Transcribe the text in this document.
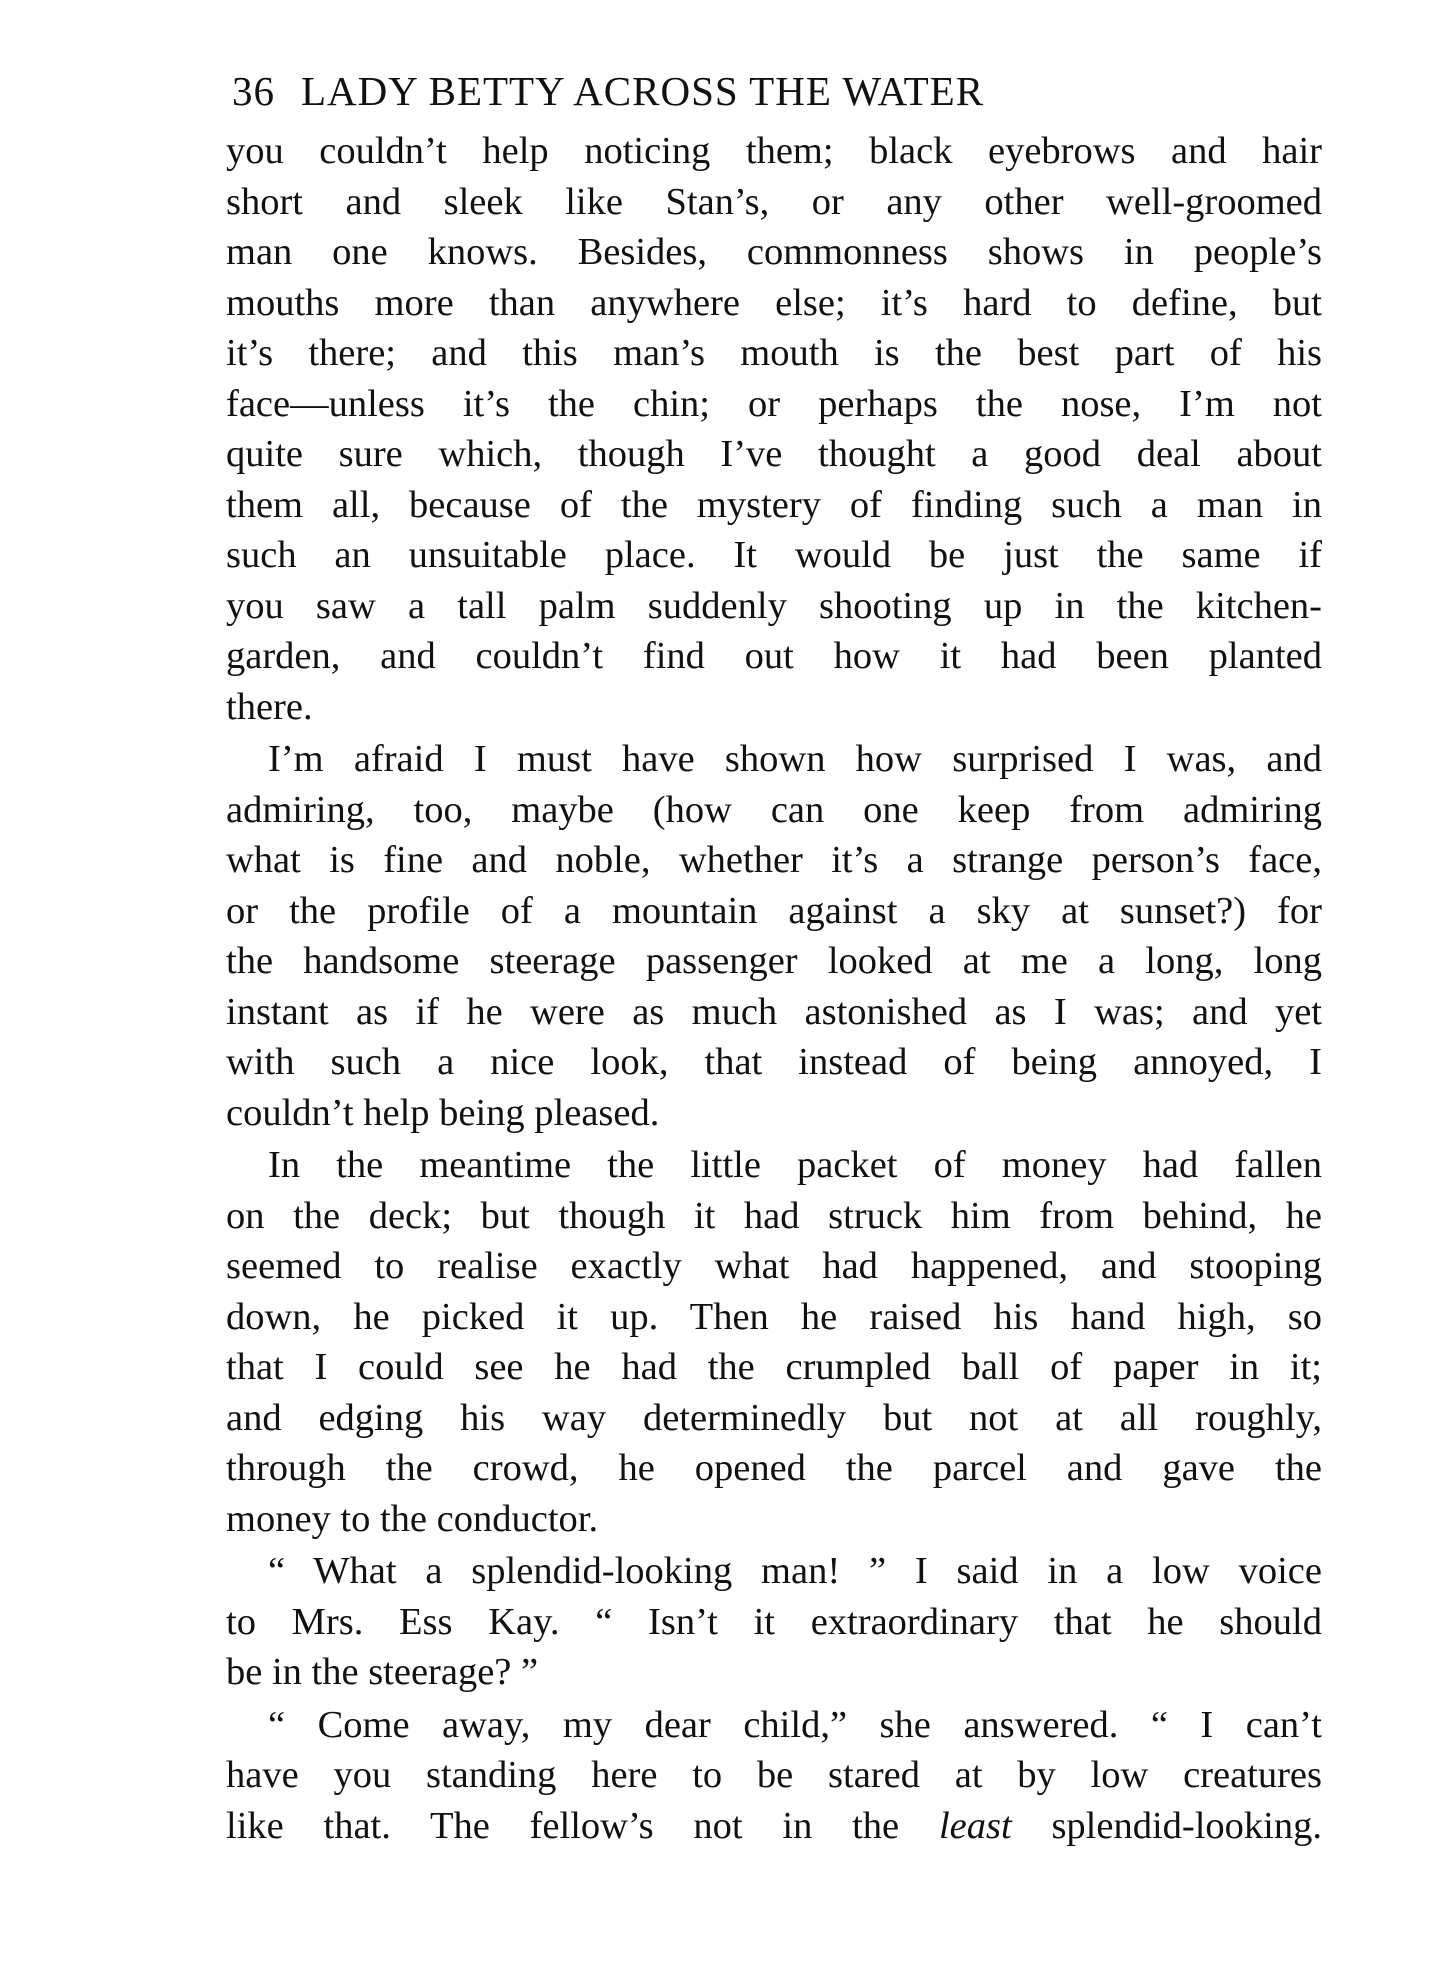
36 LADY BETTY ACROSS THE WATER
you couldn’t help noticing them; black eyebrows and hair
short and sleek like Stan’s, or any other well-groomed
man one knows. Besides, commonness shows in people’s
mouths more than anywhere else; it’s hard to define, but
it’s there; and this man’s mouth is the best part of his
face—unless it’s the chin; or perhaps the nose, I’m not
quite sure which, though I’ve thought a good deal about
them all, because of the mystery of finding such a man in
such an unsuitable place. It would be just the same if
you saw a tall palm suddenly shooting up in the kitchen-
garden, and couldn’t find out how it had been planted
there.
I’m afraid I must have shown how surprised I was, and
admiring, too, maybe (how can one keep from admiring
what is fine and noble, whether it’s a strange person’s face,
or the profile of a mountain against a sky at sunset?) for
the handsome steerage passenger looked at me a long, long
instant as if he were as much astonished as I was; and yet
with such a nice look, that instead of being annoyed, I
couldn’t help being pleased.
In the meantime the little packet of money had fallen
on the deck; but though it had struck him from behind, he
seemed to realise exactly what had happened, and stooping
down, he picked it up. Then he raised his hand high, so
that I could see he had the crumpled ball of paper in it;
and edging his way determinedly but not at all roughly,
through the crowd, he opened the parcel and gave the
money to the conductor.
“ What a splendid-looking man! ” I said in a low voice
to Mrs. Ess Kay. “ Isn’t it extraordinary that he should
be in the steerage? ”
“ Come away, my dear child,” she answered. “ I can’t
have you standing here to be stared at by low creatures
like that. The fellow’s not in the least splendid-looking.
